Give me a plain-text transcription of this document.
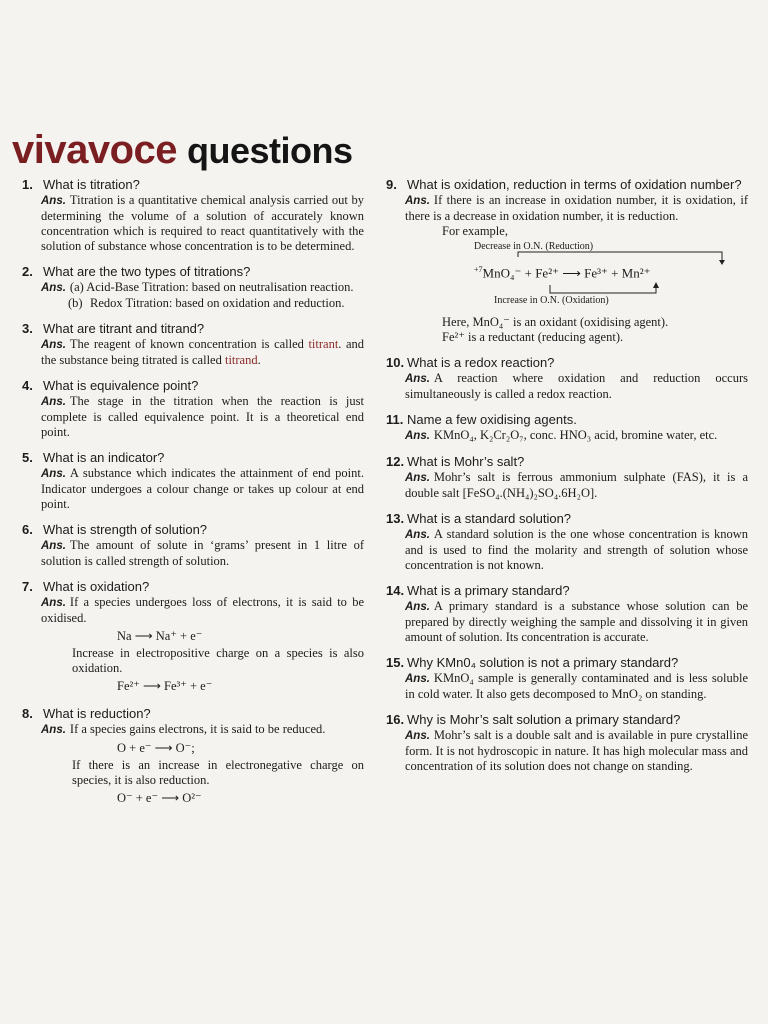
vivavoce questions
1. What is titration?
Ans. Titration is a quantitative chemical analysis carried out by determining the volume of a solution of accurately known concentration which is required to react quantitatively with the solution of substance whose concentration is to be determined.
2. What are the two types of titrations?
Ans. (a) Acid-Base Titration: based on neutralisation reaction.
(b) Redox Titration: based on oxidation and reduction.
3. What are titrant and titrand?
Ans. The reagent of known concentration is called titrant. and the substance being titrated is called titrand.
4. What is equivalence point?
Ans. The stage in the titration when the reaction is just complete is called equivalence point. It is a theoretical end point.
5. What is an indicator?
Ans. A substance which indicates the attainment of end point. Indicator undergoes a colour change or takes up colour at end point.
6. What is strength of solution?
Ans. The amount of solute in ‘grams’ present in 1 litre of solution is called strength of solution.
7. What is oxidation?
Ans. If a species undergoes loss of electrons, it is said to be oxidised.
Na ⟶ Na⁺ + e⁻
Increase in electropositive charge on a species is also oxidation.
Fe²⁺ ⟶ Fe³⁺ + e⁻
8. What is reduction?
Ans. If a species gains electrons, it is said to be reduced.
O + e⁻ ⟶ O⁻;
If there is an increase in electronegative charge on species, it is also reduction.
O⁻ + e⁻ ⟶ O²⁻
9. What is oxidation, reduction in terms of oxidation number?
Ans. If there is an increase in oxidation number, it is oxidation, if there is a decrease in oxidation number, it is reduction.
For example,
Decrease in O.N. (Reduction)
$^{+7}$MnO₄⁻ + Fe²⁺ ⟶ Fe³⁺ + Mn²⁺
Increase in O.N. (Oxidation)
Here, MnO₄⁻ is an oxidant (oxidising agent).
Fe²⁺ is a reductant (reducing agent).
10. What is a redox reaction?
Ans. A reaction where oxidation and reduction occurs simultaneously is called a redox reaction.
11. Name a few oxidising agents.
Ans. KMnO₄, K₂Cr₂O₇, conc. HNO₃ acid, bromine water, etc.
12. What is Mohr’s salt?
Ans. Mohr’s salt is ferrous ammonium sulphate (FAS), it is a double salt [FeSO₄.(NH₄)₂SO₄.6H₂O].
13. What is a standard solution?
Ans. A standard solution is the one whose concentration is known and is used to find the molarity and strength of solution whose concentration is not known.
14. What is a primary standard?
Ans. A primary standard is a substance whose solution can be prepared by directly weighing the sample and dissolving it in given amount of solution. Its concentration is accurate.
15. Why KMn0₄ solution is not a primary standard?
Ans. KMnO₄ sample is generally contaminated and is less soluble in cold water. It also gets decomposed to MnO₂ on standing.
16. Why is Mohr’s salt solution a primary standard?
Ans. Mohr’s salt is a double salt and is available in pure crystalline form. It is not hydroscopic in nature. It has high molecular mass and concentration of its solution does not change on standing.
